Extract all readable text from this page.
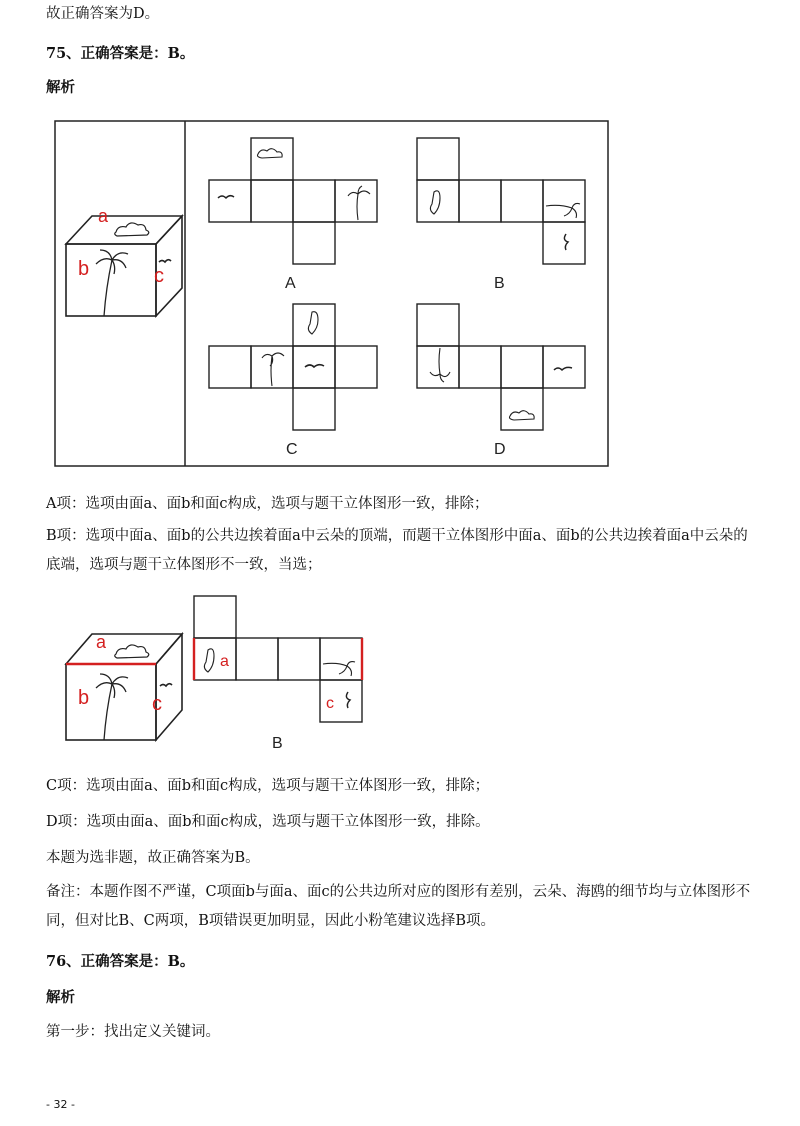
故正确答案为D。
75、正确答案是：B。
解析
a
b	c	A	B
C	D
A项：选项由面a、面b和面c构成，选项与题干立体图形一致，排除；
B项：选项中面a、面b的公共边挨着面a中云朵的顶端，而题干立体图形中面a、面b的公共边挨着面a中云朵的底端，选项与题干立体图形不一致，当选；
a
b	c
a
c
B
C项：选项由面a、面b和面c构成，选项与题干立体图形一致，排除；
D项：选项由面a、面b和面c构成，选项与题干立体图形一致，排除。
本题为选非题，故正确答案为B。
备注：本题作图不严谨，C项面b与面a、面c的公共边所对应的图形有差别，云朵、海鸥的细节均与立体图形不同，但对比B、C两项，B项错误更加明显，因此小粉笔建议选择B项。
76、正确答案是：B。
解析
第一步：找出定义关键词。
- 32 -
